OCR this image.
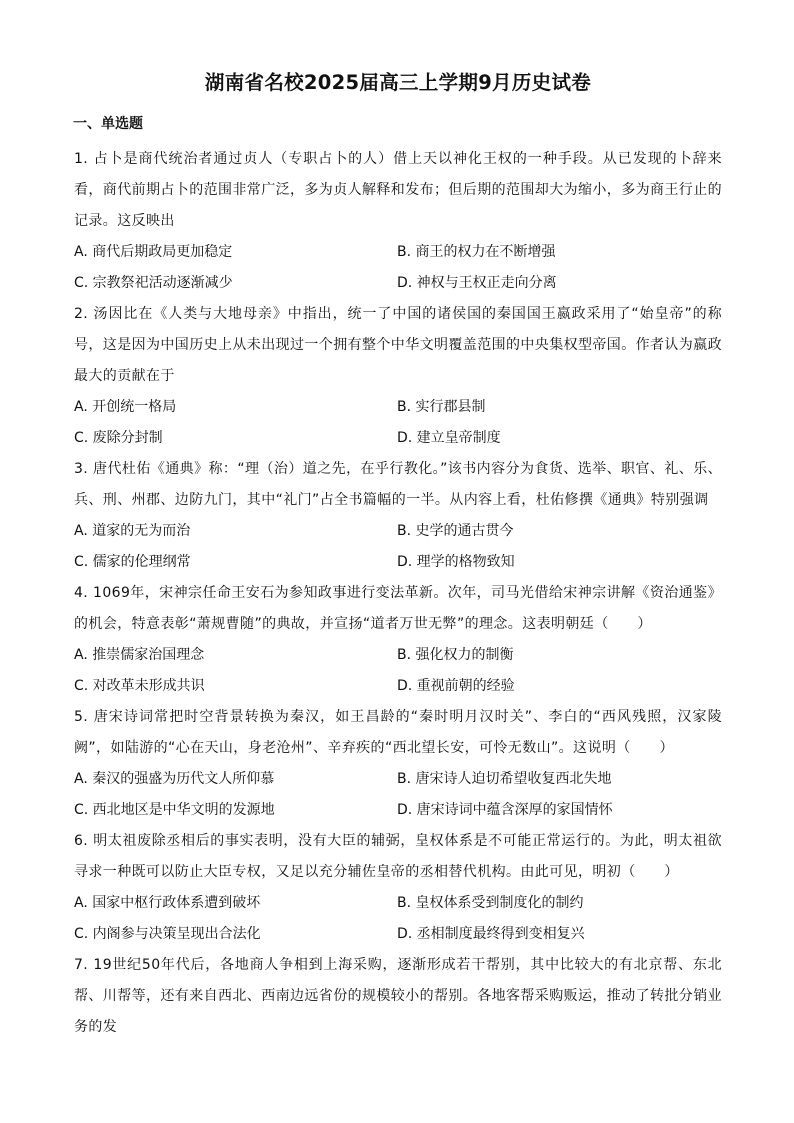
湖南省名校2025届高三上学期9月历史试卷
一、单选题

1. 占卜是商代统治者通过贞人（专职占卜的人）借上天以神化王权的一种手段。从已发现的卜辞来看，商代前期占卜的范围非常广泛，多为贞人解释和发布；但后期的范围却大为缩小，多为商王行止的记录。这反映出

A. 商代后期政局更加稳定	B. 商王的权力在不断增强
C. 宗教祭祀活动逐渐减少	D. 神权与王权正走向分离

2. 汤因比在《人类与大地母亲》中指出，统一了中国的诸侯国的秦国国王嬴政采用了“始皇帝”的称号，这是因为中国历史上从未出现过一个拥有整个中华文明覆盖范围的中央集权型帝国。作者认为嬴政最大的贡献在于

A. 开创统一格局	B. 实行郡县制
C. 废除分封制	D. 建立皇帝制度

3. 唐代杜佑《通典》称：“理（治）道之先，在乎行教化。”该书内容分为食货、选举、职官、礼、乐、兵、刑、州郡、边防九门，其中“礼门”占全书篇幅的一半。从内容上看，杜佑修撰《通典》特别强调

A. 道家的无为而治	B. 史学的通古贯今
C. 儒家的伦理纲常	D. 理学的格物致知

4. 1069年，宋神宗任命王安石为参知政事进行变法革新。次年，司马光借给宋神宗讲解《资治通鉴》的机会，特意表彰“萧规曹随”的典故，并宣扬“道者万世无弊”的理念。这表明朝廷（　　）

A. 推崇儒家治国理念	B. 强化权力的制衡
C. 对改革未形成共识	D. 重视前朝的经验

5. 唐宋诗词常把时空背景转换为秦汉，如王昌龄的“秦时明月汉时关”、李白的“西风残照，汉家陵阙”，如陆游的“心在天山，身老沧州”、辛弃疾的“西北望长安，可怜无数山”。这说明（　　）

A. 秦汉的强盛为历代文人所仰慕	B. 唐宋诗人迫切希望收复西北失地
C. 西北地区是中华文明的发源地	D. 唐宋诗词中蕴含深厚的家国情怀

6. 明太祖废除丞相后的事实表明，没有大臣的辅弼，皇权体系是不可能正常运行的。为此，明太祖欲寻求一种既可以防止大臣专权，又足以充分辅佐皇帝的丞相替代机构。由此可见，明初（　　）

A. 国家中枢行政体系遭到破坏	B. 皇权体系受到制度化的制约
C. 内阁参与决策呈现出合法化	D. 丞相制度最终得到变相复兴

7. 19世纪50年代后，各地商人争相到上海采购，逐渐形成若干帮别，其中比较大的有北京帮、东北帮、川帮等，还有来自西北、西南边远省份的规模较小的帮别。各地客帮采购贩运，推动了转批分销业务的发
